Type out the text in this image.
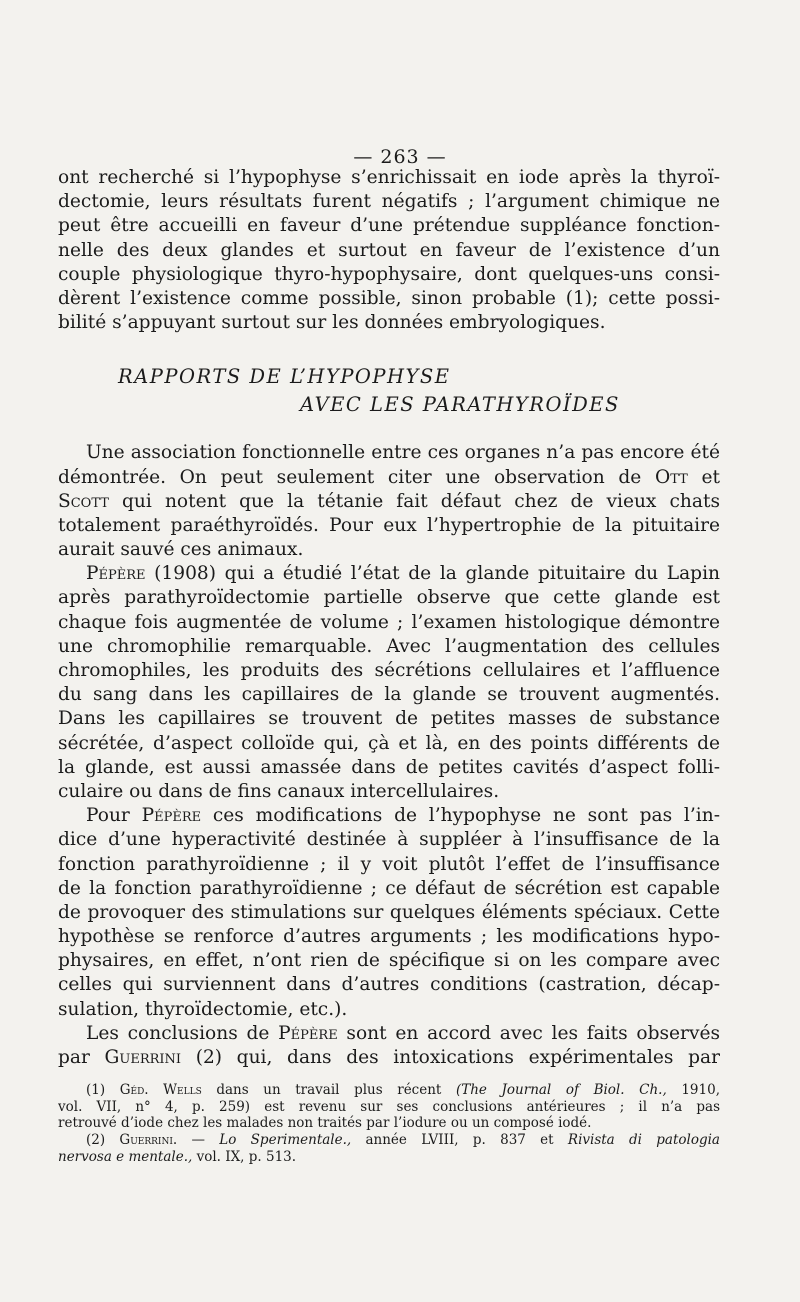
— 263 —
ont recherché si l’hypophyse s’enrichissait en iode après la thyroï-
dectomie, leurs résultats furent négatifs ; l’argument chimique ne
peut être accueilli en faveur d’une prétendue suppléance fonction-
nelle des deux glandes et surtout en faveur de l’existence d’un
couple physiologique thyro-hypophysaire, dont quelques-uns consi-
dèrent l’existence comme possible, sinon probable (1); cette possi-
bilité s’appuyant surtout sur les données embryologiques.
RAPPORTS DE L’HYPOPHYSE
AVEC LES PARATHYROÏDES
Une association fonctionnelle entre ces organes n’a pas encore été
démontrée. On peut seulement citer une observation de Ott et
Scott qui notent que la tétanie fait défaut chez de vieux chats
totalement paraéthyroïdés. Pour eux l’hypertrophie de la pituitaire
aurait sauvé ces animaux.
Pépère (1908) qui a étudié l’état de la glande pituitaire du Lapin
après parathyroïdectomie partielle observe que cette glande est
chaque fois augmentée de volume ; l’examen histologique démontre
une chromophilie remarquable. Avec l’augmentation des cellules
chromophiles, les produits des sécrétions cellulaires et l’affluence
du sang dans les capillaires de la glande se trouvent augmentés.
Dans les capillaires se trouvent de petites masses de substance
sécrétée, d’aspect colloïde qui, çà et là, en des points différents de
la glande, est aussi amassée dans de petites cavités d’aspect folli-
culaire ou dans de fins canaux intercellulaires.
Pour Pépère ces modifications de l’hypophyse ne sont pas l’in-
dice d’une hyperactivité destinée à suppléer à l’insuffisance de la
fonction parathyroïdienne ; il y voit plutôt l’effet de l’insuffisance
de la fonction parathyroïdienne ; ce défaut de sécrétion est capable
de provoquer des stimulations sur quelques éléments spéciaux. Cette
hypothèse se renforce d’autres arguments ; les modifications hypo-
physaires, en effet, n’ont rien de spécifique si on les compare avec
celles qui surviennent dans d’autres conditions (castration, décap-
sulation, thyroïdectomie, etc.).
Les conclusions de Pépère sont en accord avec les faits observés
par Guerrini (2) qui, dans des intoxications expérimentales par
(1) Géd. Wells dans un travail plus récent (The Journal of Biol. Ch., 1910,
vol. VII, n° 4, p. 259) est revenu sur ses conclusions antérieures ; il n’a pas
retrouvé d’iode chez les malades non traités par l’iodure ou un composé iodé.
(2) Guerrini. — Lo Sperimentale., année LVIII, p. 837 et Rivista di patologia
nervosa e mentale., vol. IX, p. 513.
